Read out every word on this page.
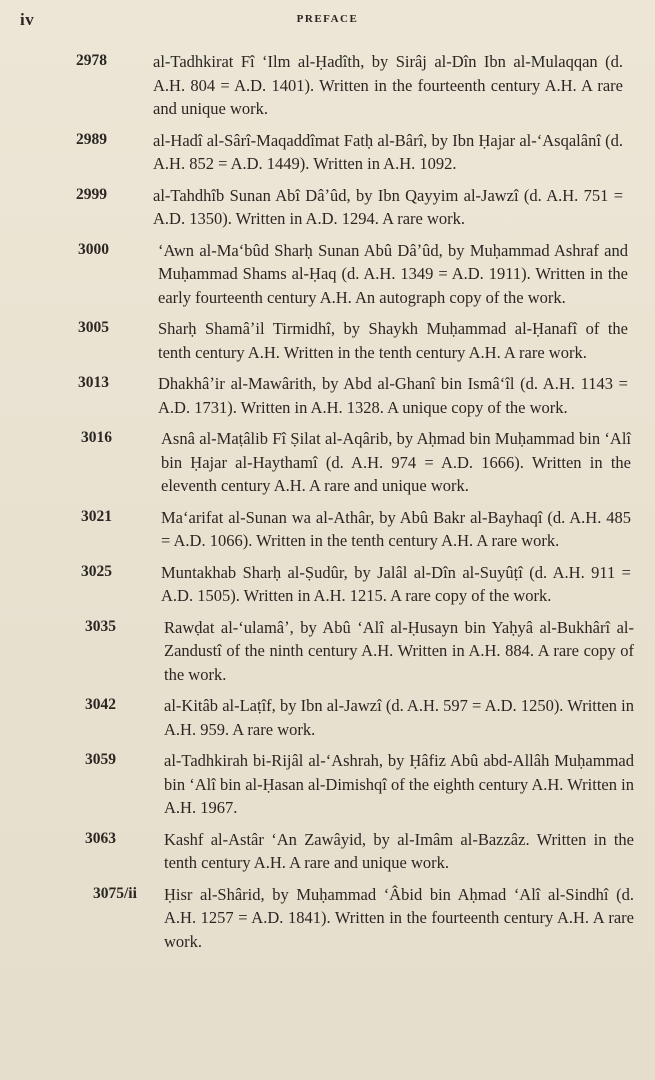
iv	PREFACE
2978	al-Tadhkirat Fî ʻIlm al-Ḥadîth, by Sirâj al-Dîn Ibn al-Mulaqqan (d. A.H. 804 = A.D. 1401). Written in the fourteenth century A.H. A rare and unique work.
2989	al-Hadî al-Sârî-Maqaddîmat Fatḥ al-Bârî, by Ibn Ḥajar al-ʻAsqalânî (d. A.H. 852 = A.D. 1449). Written in A.H. 1092.
2999	al-Tahdhîb Sunan Abî Dâʼûd, by Ibn Qayyim al-Jawzî (d. A.H. 751 = A.D. 1350). Written in A.D. 1294. A rare work.
3000	ʻAwn al-Maʻbûd Sharḥ Sunan Abû Dâʼûd, by Muḥammad Ashraf and Muḥammad Shams al-Ḥaq (d. A.H. 1349 = A.D. 1911). Written in the early fourteenth century A.H. An autograph copy of the work.
3005	Sharḥ Shamâʼil Tirmidhî, by Shaykh Muḥammad al-Ḥanafî of the tenth century A.H. Written in the tenth century A.H. A rare work.
3013	Dhakhâʼir al-Mawârith, by Abd al-Ghanî bin Ismâʻîl (d. A.H. 1143 = A.D. 1731). Written in A.H. 1328. A unique copy of the work.
3016	Asnâ al-Maṭâlib Fî Ṣilat al-Aqârib, by Aḥmad bin Muḥammad bin ʻAlî bin Ḥajar al-Haythamî (d. A.H. 974 = A.D. 1666). Written in the eleventh century A.H. A rare and unique work.
3021	Maʻarifat al-Sunan wa al-Athâr, by Abû Bakr al-Bayhaqî (d. A.H. 485 = A.D. 1066). Written in the tenth century A.H. A rare work.
3025	Muntakhab Sharḥ al-Ṣudûr, by Jalâl al-Dîn al-Suyûṭî (d. A.H. 911 = A.D. 1505). Written in A.H. 1215. A rare copy of the work.
3035	Rawḍat al-ʻulamâʼ, by Abû ʻAlî al-Ḥusayn bin Yaḥyâ al-Bukhârî al-Zandustî of the ninth century A.H. Written in A.H. 884. A rare copy of the work.
3042	al-Kitâb al-Laṭîf, by Ibn al-Jawzî (d. A.H. 597 = A.D. 1250). Written in A.H. 959. A rare work.
3059	al-Tadhkirah bi-Rijâl al-ʻAshrah, by Ḥâfiz Abû abd-Allâh Muḥammad bin ʻAlî bin al-Ḥasan al-Dimishqî of the eighth century A.H. Written in A.H. 1967.
3063	Kashf al-Astâr ʻAn Zawâyid, by al-Imâm al-Bazzâz. Written in the tenth century A.H. A rare and unique work.
3075/ii	Ḥisr al-Shârid, by Muḥammad ʻÂbid bin Aḥmad ʻAlî al-Sindhî (d. A.H. 1257 = A.D. 1841). Written in the fourteenth century A.H. A rare work.
